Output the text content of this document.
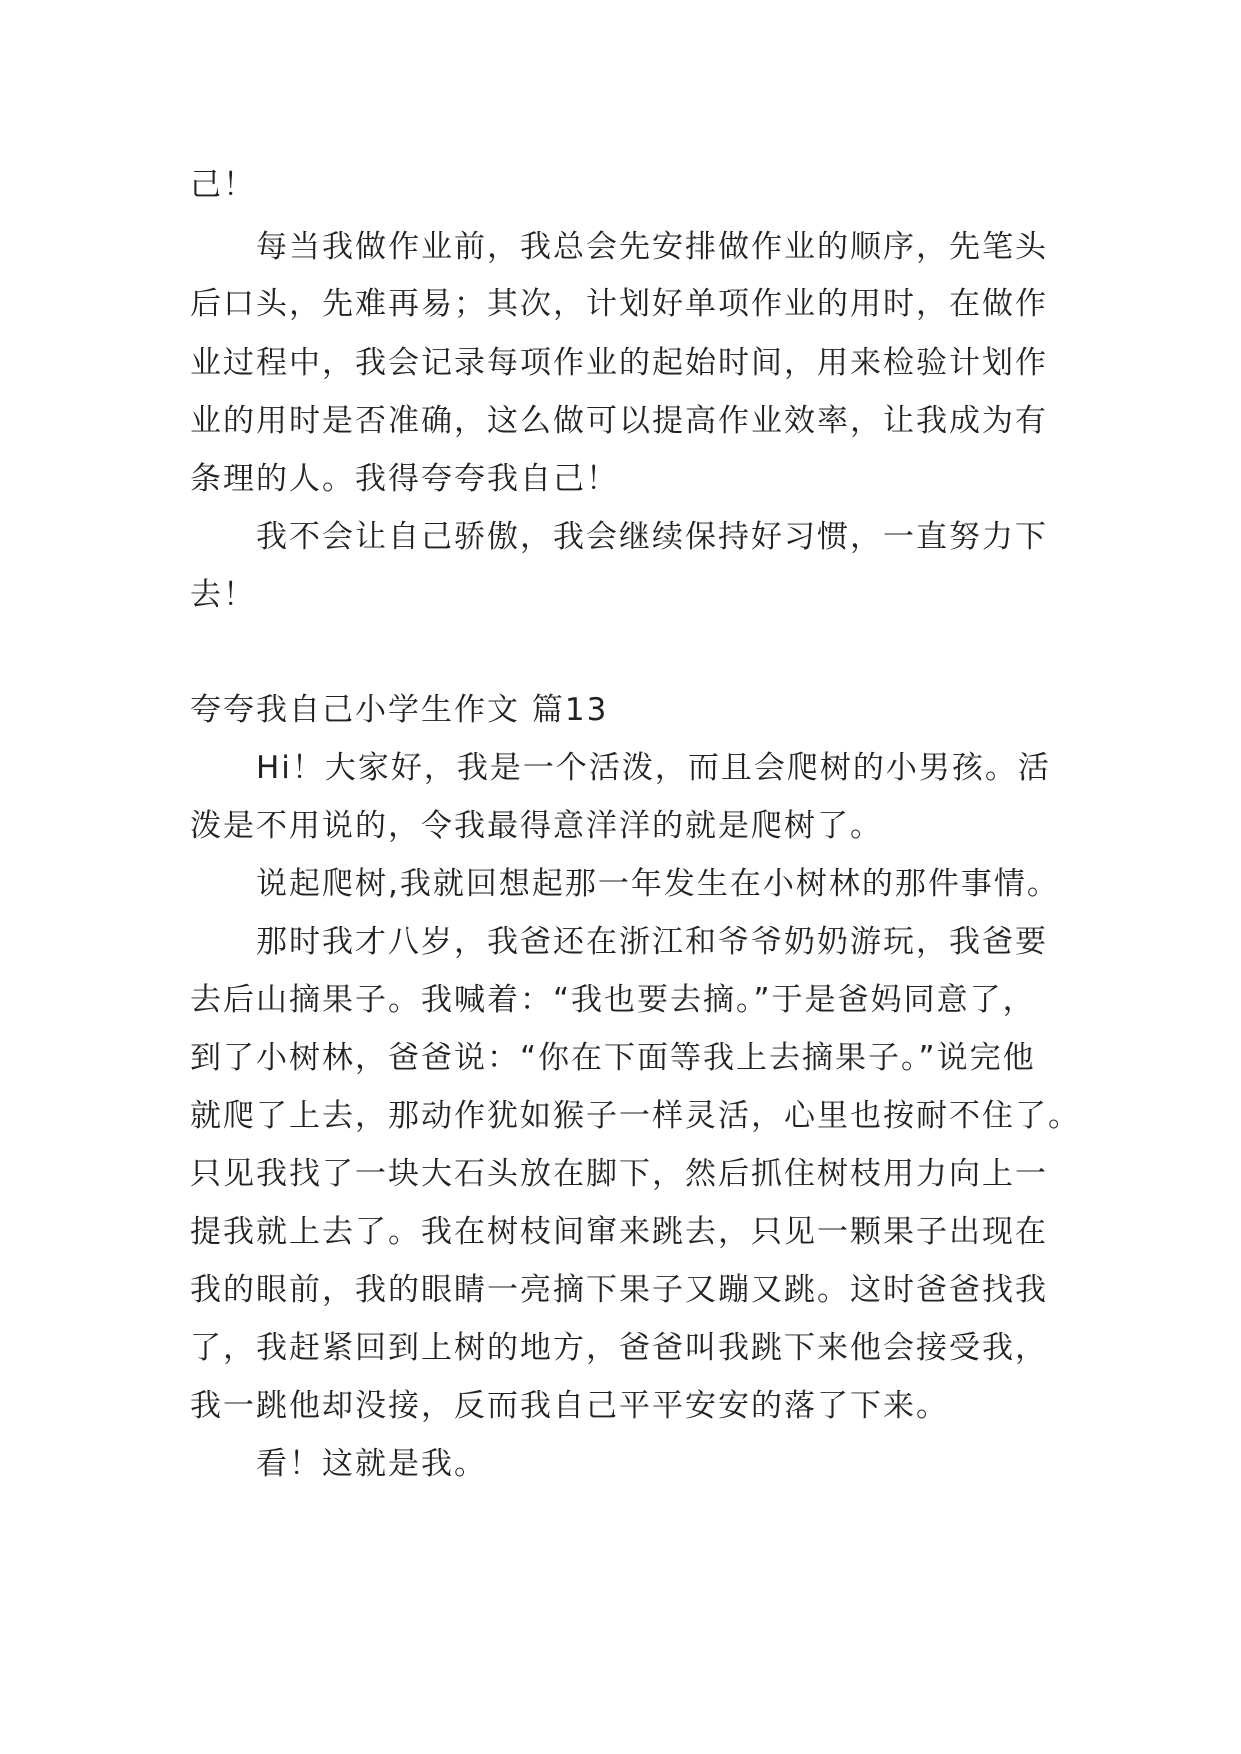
己！
每当我做作业前，我总会先安排做作业的顺序，先笔头
后口头，先难再易；其次，计划好单项作业的用时，在做作
业过程中，我会记录每项作业的起始时间，用来检验计划作
业的用时是否准确，这么做可以提高作业效率，让我成为有
条理的人。我得夸夸我自己！
我不会让自己骄傲，我会继续保持好习惯，一直努力下
去！
夸夸我自己小学生作文 篇13
Hi！大家好，我是一个活泼，而且会爬树的小男孩。活
泼是不用说的，令我最得意洋洋的就是爬树了。
说起爬树,我就回想起那一年发生在小树林的那件事情。
那时我才八岁，我爸还在浙江和爷爷奶奶游玩，我爸要
去后山摘果子。我喊着：“我也要去摘。”于是爸妈同意了，
到了小树林，爸爸说：“你在下面等我上去摘果子。”说完他
就爬了上去，那动作犹如猴子一样灵活，心里也按耐不住了。
只见我找了一块大石头放在脚下，然后抓住树枝用力向上一
提我就上去了。我在树枝间窜来跳去，只见一颗果子出现在
我的眼前，我的眼睛一亮摘下果子又蹦又跳。这时爸爸找我
了，我赶紧回到上树的地方，爸爸叫我跳下来他会接受我，
我一跳他却没接，反而我自己平平安安的落了下来。
看！这就是我。
